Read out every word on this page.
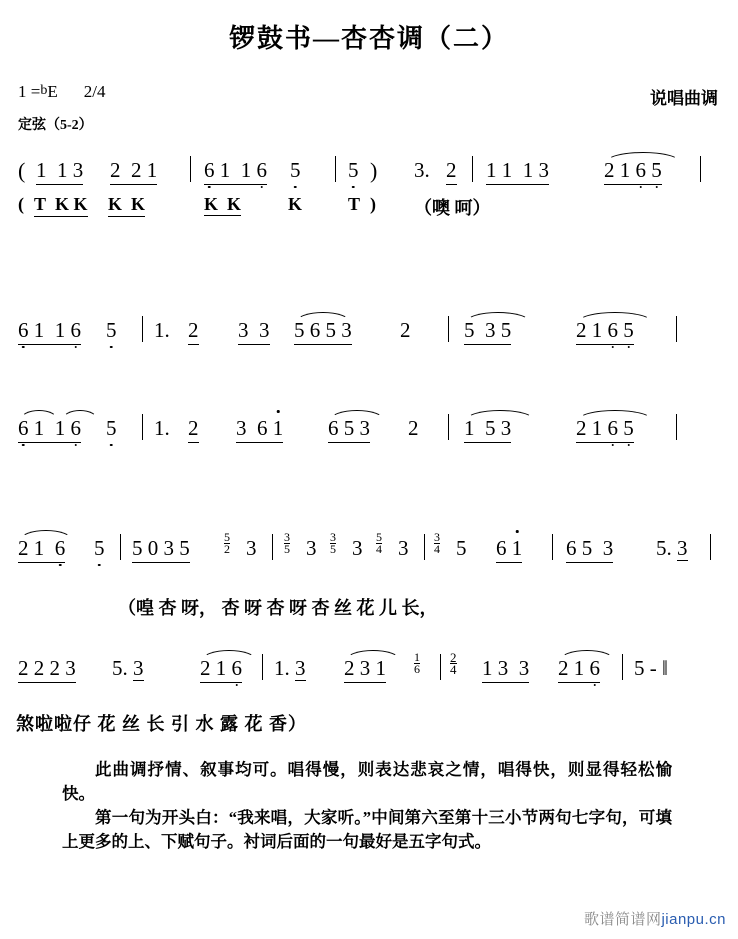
锣鼓书—杏杏调（二）
1 =bE 2/4	说唱曲调
定弦（5-2）
( 1 1 3 2 2 1 6 1 1 6 5 5 ) 3. 2 1 1 1 3	2 1 6 5
( T  K K K  K	K  K	K	T ) （噢 呵）
6 1 1 6 5 1. 2 3 3 5 6 5 3 2	5 3 5	2 1 6 5
6 1 1 6 5 1. 2 3 6 1 6 5 3 2 1 5 3	2 1 6 5
2 1 6 5 5 0 3 5	$\frac{5}{2} 3 \frac{3}{5} 3 \frac{3}{5} 3 \frac{5}{4} 3 \frac{3}{4} 5$ 6 1 6 5 3 5. 3
（喤 杏 呀， 杏 呀 杏 呀 杏 丝 花 儿 长，
2 2 2 3 5. 3	2 1 6 1. 3 2 3 $1 \frac{1}{6} \frac{2}{4} 1$ 3 3 2 1 6 5 - ‖
煞啦啦仔 花 丝 长 引 水 露 花 香）

此曲调抒情、叙事均可。唱得慢，则表达悲哀之情，唱得快，则显得轻松愉快。

第一句为开头白：“我来唱，大家听。”中间第六至第十三小节两句七字句，可填上更多的上、下赋句子。衬词后面的一句最好是五字句式。

歌谱简谱网jianpu.cn
